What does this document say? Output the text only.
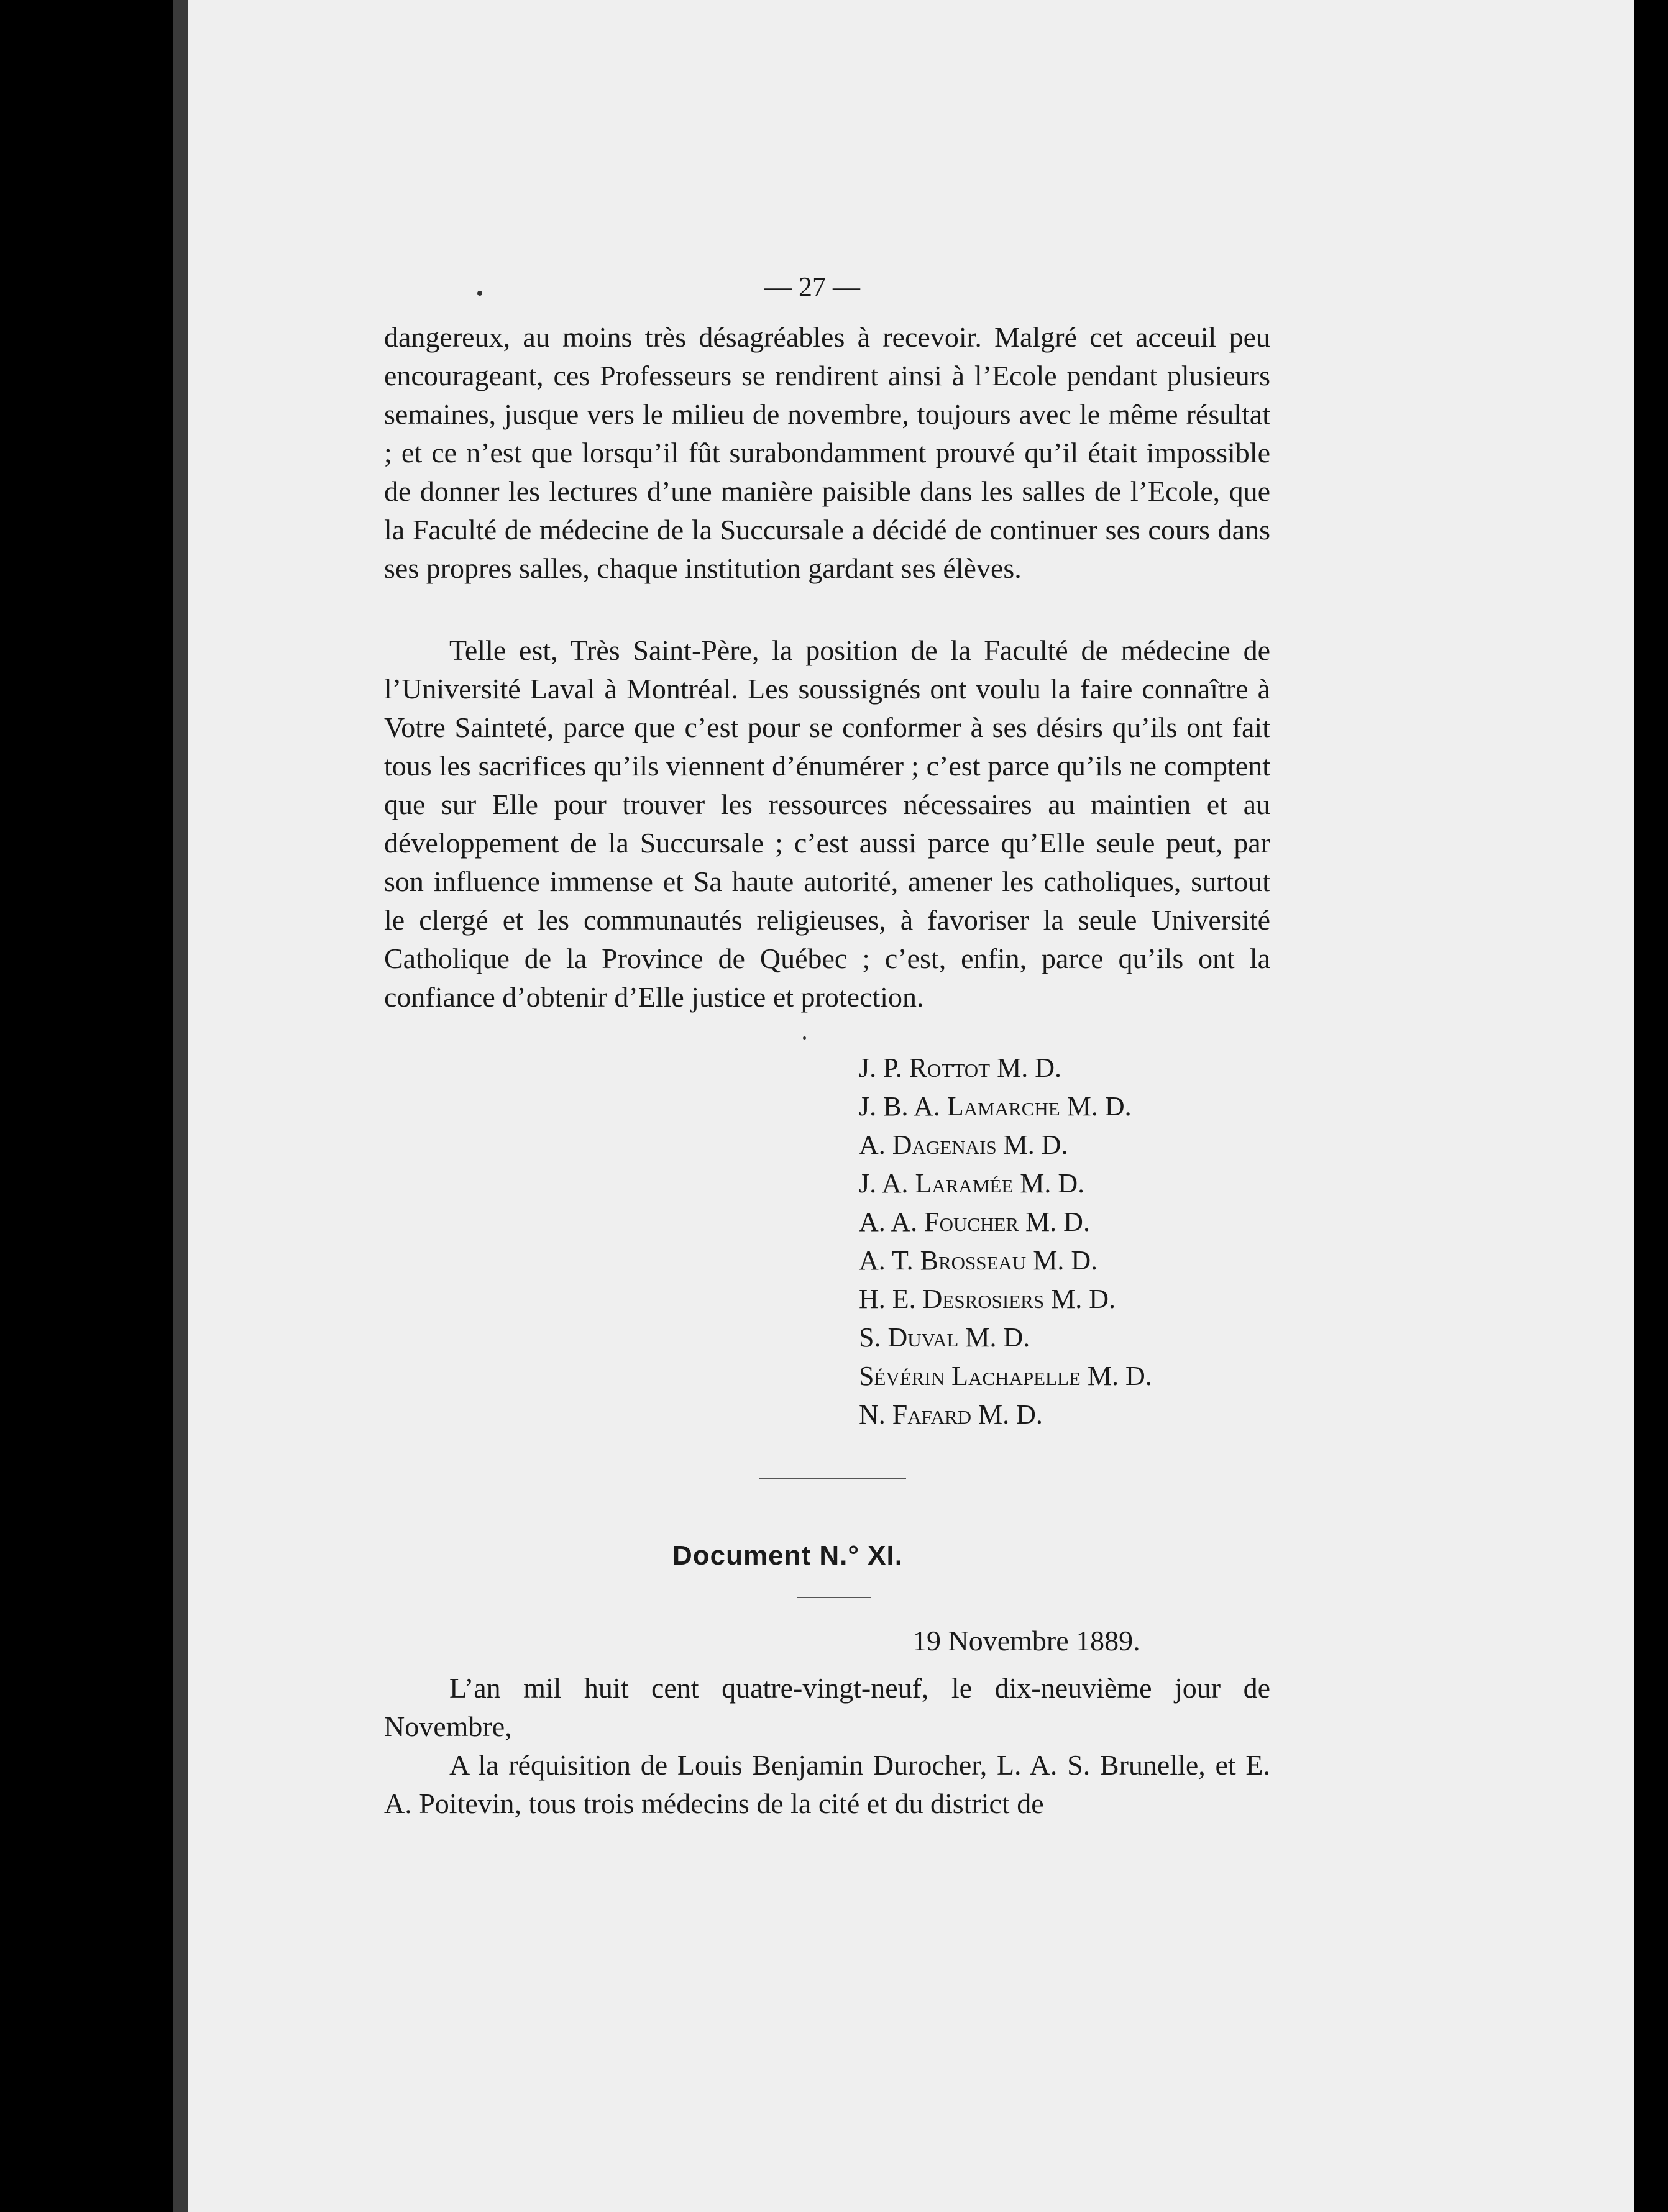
— 27 —

dangereux, au moins très désagréables à recevoir. Malgré cet acceuil peu encourageant, ces Professeurs se rendirent ainsi à l’Ecole pendant plusieurs semaines, jusque vers le milieu de novembre, toujours avec le même résultat ; et ce n’est que lorsqu’il fût surabondamment prouvé qu’il était impossible de donner les lectures d’une manière paisible dans les salles de l’Ecole, que la Faculté de médecine de la Succursale a décidé de continuer ses cours dans ses propres salles, chaque institution gardant ses élèves.

Telle est, Très Saint-Père, la position de la Faculté de médecine de l’Université Laval à Montréal. Les soussignés ont voulu la faire connaître à Votre Sainteté, parce que c’est pour se conformer à ses désirs qu’ils ont fait tous les sacrifices qu’ils viennent d’énumérer ; c’est parce qu’ils ne comptent que sur Elle pour trouver les ressources nécessaires au maintien et au développement de la Succursale ; c’est aussi parce qu’Elle seule peut, par son influence immense et Sa haute autorité, amener les catholiques, surtout le clergé et les communautés religieuses, à favoriser la seule Université Catholique de la Province de Québec ; c’est, enfin, parce qu’ils ont la confiance d’obtenir d’Elle justice et protection.

J. P. Rottot M. D.
J. B. A. Lamarche M. D.
A. Dagenais M. D.
J. A. Laramée M. D.
A. A. Foucher M. D.
A. T. Brosseau M. D.
H. E. Desrosiers M. D.
S. Duval M. D.
Sévérin Lachapelle M. D.
N. Fafard M. D.
Document N.° XI.
19 Novembre 1889.

L’an mil huit cent quatre-vingt-neuf, le dix-neuvième jour de Novembre,

A la réquisition de Louis Benjamin Durocher, L. A. S. Brunelle, et E. A. Poitevin, tous trois médecins de la cité et du district de
